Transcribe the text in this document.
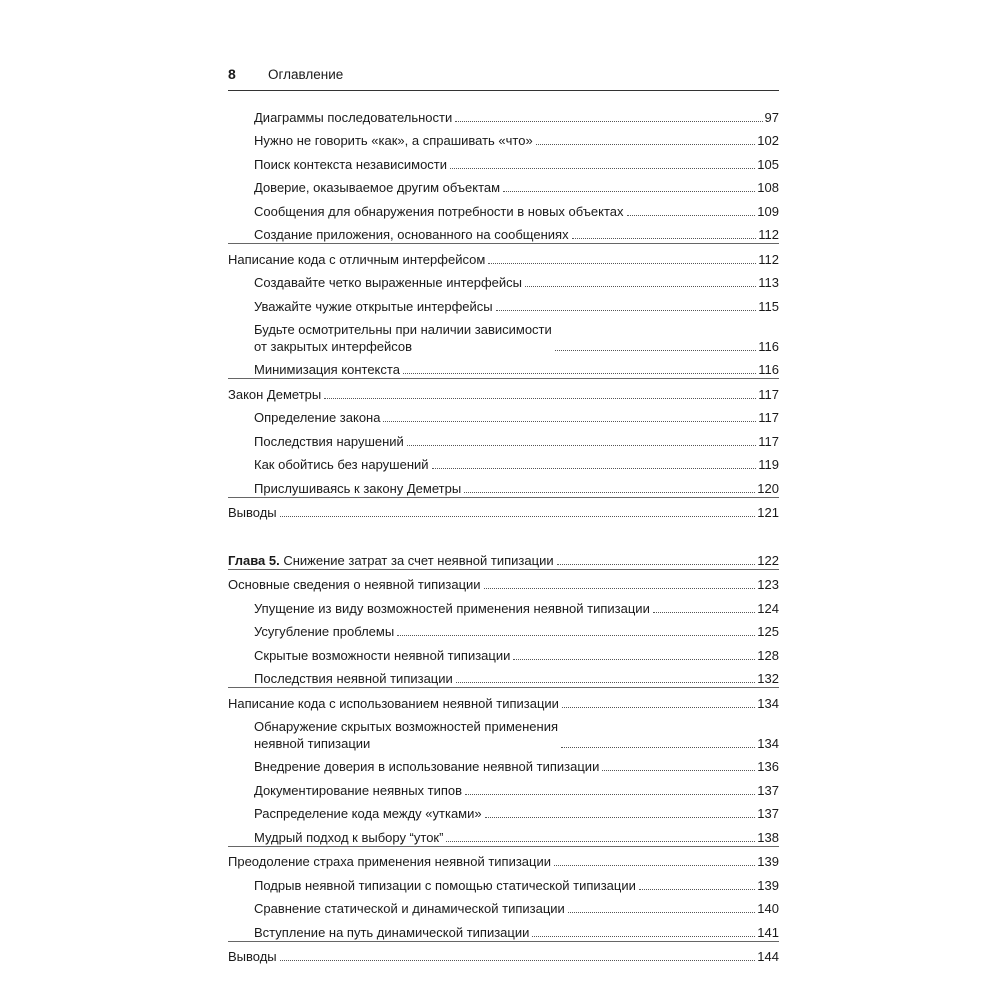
8 Оглавление
Диаграммы последовательности	97
Нужно не говорить «как», а спрашивать «что»	102
Поиск контекста независимости	105
Доверие, оказываемое другим объектам	108
Сообщения для обнаружения потребности в новых объектах	109
Создание приложения, основанного на сообщениях	112
Написание кода с отличным интерфейсом	112
Создавайте четко выраженные интерфейсы	113
Уважайте чужие открытые интерфейсы	115
Будьте осмотрительны при наличии зависимости
от закрытых интерфейсов	116
Минимизация контекста	116
Закон Деметры	117
Определение закона	117
Последствия нарушений	117
Как обойтись без нарушений	119
Прислушиваясь к закону Деметры	120
Выводы	121
Глава 5. Снижение затрат за счет неявной типизации	122
Основные сведения о неявной типизации	123
Упущение из виду возможностей применения неявной типизации	124
Усугубление проблемы	125
Скрытые возможности неявной типизации	128
Последствия неявной типизации	132
Написание кода с использованием неявной типизации	134
Обнаружение скрытых возможностей применения
неявной типизации	134
Внедрение доверия в использование неявной типизации	136
Документирование неявных типов	137
Распределение кода между «утками»	137
Мудрый подход к выбору “уток”	138
Преодоление страха применения неявной типизации	139
Подрыв неявной типизации с помощью статической типизации	139
Сравнение статической и динамической типизации	140
Вступление на путь динамической типизации	141
Выводы	144
